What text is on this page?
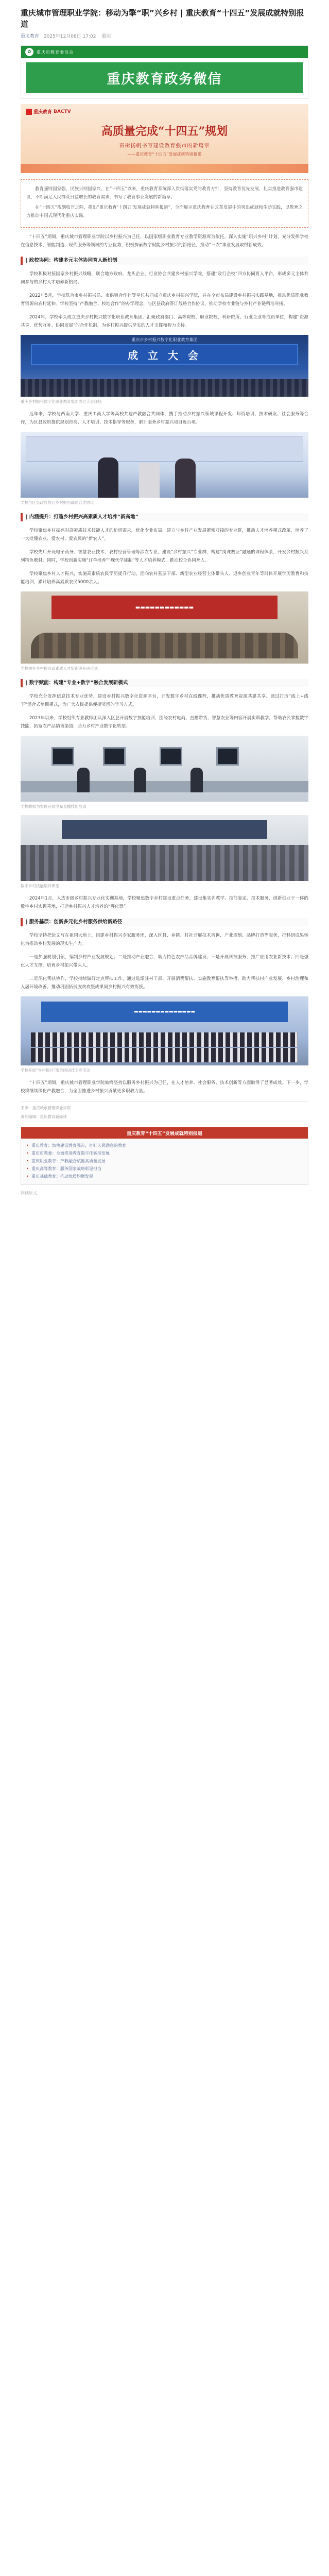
重庆城市管理职业学院：移动为擎“职”兴乡村 | 重庆教育“十四五”发展成就特别报道
重庆教育 2025年12月08日 17:02 重庆
✿	重庆市教育委员会
重庆教育政务微信
重庆教育
BACTV
高质量完成“十四五”规划
奋楫扬帆书写建设教育强市的新篇章
——重庆教育“十四五”发展成就特别报道

教育强则国家强，民族兴则国家兴。在“十四五”以来，重庆教育系统深入贯彻落实党的教育方针，坚持教育优先发展，扎实推进教育强市建设，不断满足人民群众日益增长的教育需求，书写了教育事业发展的新篇章。

在“十四五”规划收官之际，推出“重庆教育‘十四五’发展成就特别报道”，全面展示重庆教育在改革发展中的突出成就和生动实践，以教育之力推动中国式现代化重庆实践。

“十四五”期间，重庆城市管理职业学院以乡村振兴为己任，以国家级职业教育专业教学资源库为依托，深入实施“职兴乡村”计划，充分发挥学校在信息技术、智能制造、现代服务等领域的专业优势，积极探索数字赋能乡村振兴的新路径，推动“三农”事业发展取得新成效。

| 政校协同：构建多元主体协同育人新机制

学校积极对接国家乡村振兴战略，联合地方政府、龙头企业、行业协会共建乡村振兴学院，搭建“政行企校”四方协同育人平台，形成多元主体共同参与的乡村人才培养新格局。

2022年5月，学校联合市乡村振兴局、市供销合作社等单位共同成立重庆乡村振兴学院，并在全市布局建设乡村振兴实践基地，推动优质职业教育资源向农村延伸。学校坚持“产教融合、校地合作”的办学理念，与区县政府签订战略合作协议，推动学校专业链与乡村产业链精准对接。

2024年，学校牵头成立重庆乡村振兴数字化职业教育集团，汇聚政府部门、高等院校、职业院校、科研院所、行业企业等成员单位，构建“资源共享、优势互补、协同发展”的合作机制，为乡村振兴提供坚实的人才支撑和智力支持。

重庆市乡村振兴数字化职业教育集团
成 立 大 会
重庆乡村振兴数字化职业教育集团成立大会现场

近年来，学校与西南大学、重庆工商大学等高校共建产教融合共同体，携手推动乡村振兴领域课程开发、师资培训、技术研发、社会服务等合作，为区县政府提供规划咨询、人才培训、技术指导等服务，累计服务乡村振兴项目近百项。

学校与区县政府签订乡村振兴战略合作协议
| 内涵提升：打造乡村振兴高素质人才培养“新高地”

学校聚焦乡村振兴对高素质技术技能人才的迫切需求，优化专业布局，建立与乡村产业发展紧密对接的专业群，推动人才培养模式改革，培养了一大批懂农业、爱农村、爱农民的“新农人”。

学校先后开设电子商务、智慧农业技术、农村经营管理等涉农专业，建设“乡村振兴”专业群，构建“岗课赛证”融通的课程体系，开发乡村振兴系列特色教材。同时，学校创新实施“订单培养”“现代学徒制”等人才培养模式，推动校企协同育人。

学校聚焦乡村人才振兴，实施高素质农民学历提升行动，面向农村基层干部、新型农业经营主体带头人、返乡创业青年等群体开展学历教育和技能培训，累计培养高素质农民5000余人。

▬▬▬▬▬▬▬▬▬▬▬▬
学校举办乡村振兴高素质人才培训班开班仪式
| 数字赋能：构建“专业+数字”融合发展新模式

学校充分发挥信息技术专业优势，建设乡村振兴数字化资源平台，开发数字乡村在线课程，推动优质教育资源共建共享。通过打造“线上+线下”混合式培训模式，为广大农民提供便捷灵活的学习方式。

2023年以来，学校组织专业教师团队深入区县开展数字技能培训，围绕农村电商、直播带货、智慧农业等内容开展实训教学，帮助农民掌握数字技能，拓宽农产品销售渠道，助力乡村产业数字化转型。

学校教师为农民开展电商直播技能培训
数字乡村技能培训课堂

2024年1月，入选市级乡村振兴专业化实训基地，学校聚焦数字乡村建设重点任务，建设集实训教学、技能鉴定、技术服务、创新创业于一体的数字乡村实训基地，打造乡村振兴人才培养的“孵化器”。

| 服务基层：创新多元化乡村服务供给新路径

学校坚持把论文写在祖国大地上，组建乡村振兴专家服务团，深入区县、乡镇、村社开展技术咨询、产业规划、品牌打造等服务，把科研成果转化为推动乡村发展的现实生产力。

一是加强规划引领，编制乡村产业发展规划；二是推动产业融合，助力特色农产品品牌建设；三是开展科技服务，推广应用农业新技术；四是强化人才支撑，培育乡村振兴带头人。

二是深化帮扶协作，学校持续做好定点帮扶工作，通过选派驻村干部、开展消费帮扶、实施教育帮扶等举措，助力帮扶村产业发展、乡村治理和人居环境改善，推动巩固拓展脱贫攻坚成果同乡村振兴有效衔接。

▬▬▬▬▬▬▬▬▬▬▬▬▬▬
学校开展“乡村振兴”服务团送技下乡活动

“十四五”期间，重庆城市管理职业学院始终坚持以服务乡村振兴为己任，在人才培养、社会服务、技术创新等方面取得了显著成效。下一步，学校将继续深化产教融合，为全面推进乡村振兴贡献更多职教力量。

来源：重庆城市管理职业学院
责任编辑：重庆教育新媒体
重庆教育“十四五”发展成就特别报道
• 重庆教育：加快建设教育强市，办好人民满意的教育
• 重庆市教委：全面推进教育数字化转型发展
• 重庆职业教育：产教融合赋能高质量发展
• 重庆高等教育：服务国家战略彰显担当
• 重庆基础教育：推动优质均衡发展
阅读原文
